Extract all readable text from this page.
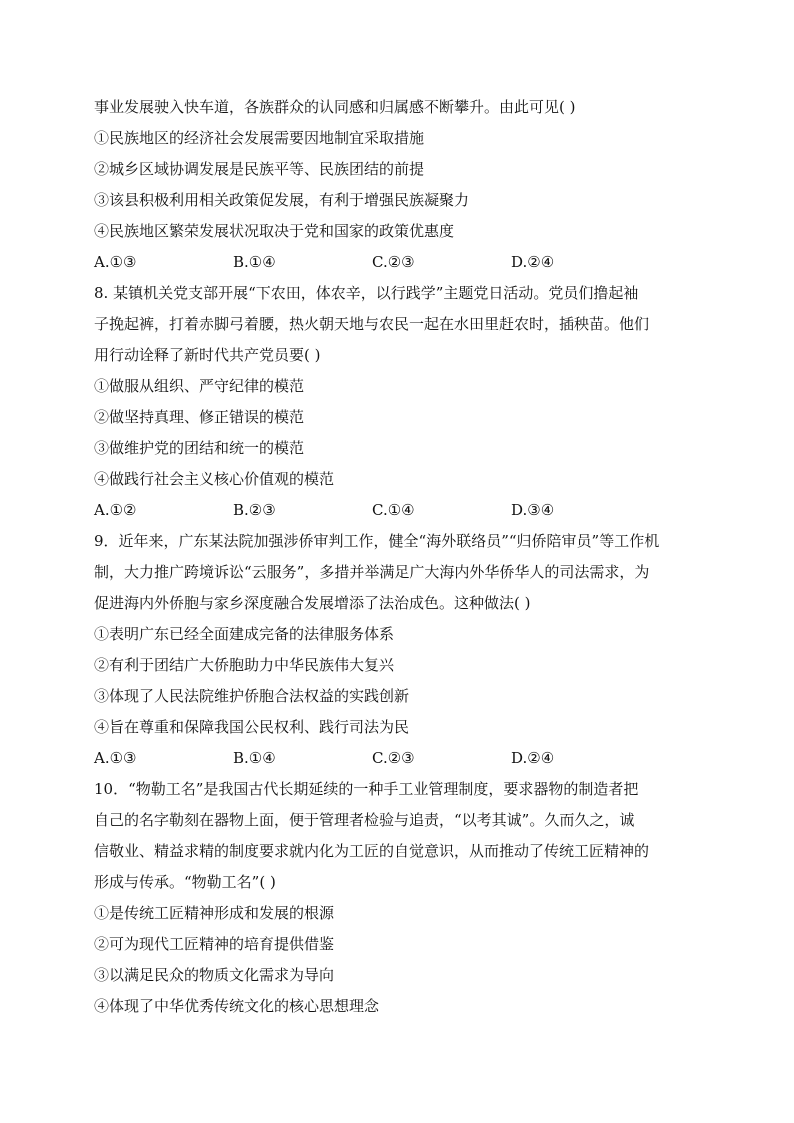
事业发展驶入快车道，各族群众的认同感和归属感不断攀升。由此可见( )
①民族地区的经济社会发展需要因地制宜采取措施
②城乡区域协调发展是民族平等、民族团结的前提
③该县积极利用相关政策促发展，有利于增强民族凝聚力
④民族地区繁荣发展状况取决于党和国家的政策优惠度
A.①③	B.①④	C.②③	D.②④
8. 某镇机关党支部开展“下农田，体农辛，以行践学”主题党日活动。党员们撸起袖
子挽起裤，打着赤脚弓着腰，热火朝天地与农民一起在水田里赶农时，插秧苗。他们
用行动诠释了新时代共产党员要( )
①做服从组织、严守纪律的模范
②做坚持真理、修正错误的模范
③做维护党的团结和统一的模范
④做践行社会主义核心价值观的模范
A.①②	B.②③	C.①④	D.③④
9．近年来，广东某法院加强涉侨审判工作，健全“海外联络员”“归侨陪审员”等工作机
制，大力推广跨境诉讼“云服务”，多措并举满足广大海内外华侨华人的司法需求，为
促进海内外侨胞与家乡深度融合发展增添了法治成色。这种做法( )
①表明广东已经全面建成完备的法律服务体系
②有利于团结广大侨胞助力中华民族伟大复兴
③体现了人民法院维护侨胞合法权益的实践创新
④旨在尊重和保障我国公民权利、践行司法为民
A.①③	B.①④	C.②③	D.②④
10．“物勒工名”是我国古代长期延续的一种手工业管理制度，要求器物的制造者把
自己的名字勒刻在器物上面，便于管理者检验与追责，“以考其诚”。久而久之，诚
信敬业、精益求精的制度要求就内化为工匠的自觉意识，从而推动了传统工匠精神的
形成与传承。“物勒工名”( )
①是传统工匠精神形成和发展的根源
②可为现代工匠精神的培育提供借鉴
③以满足民众的物质文化需求为导向
④体现了中华优秀传统文化的核心思想理念
